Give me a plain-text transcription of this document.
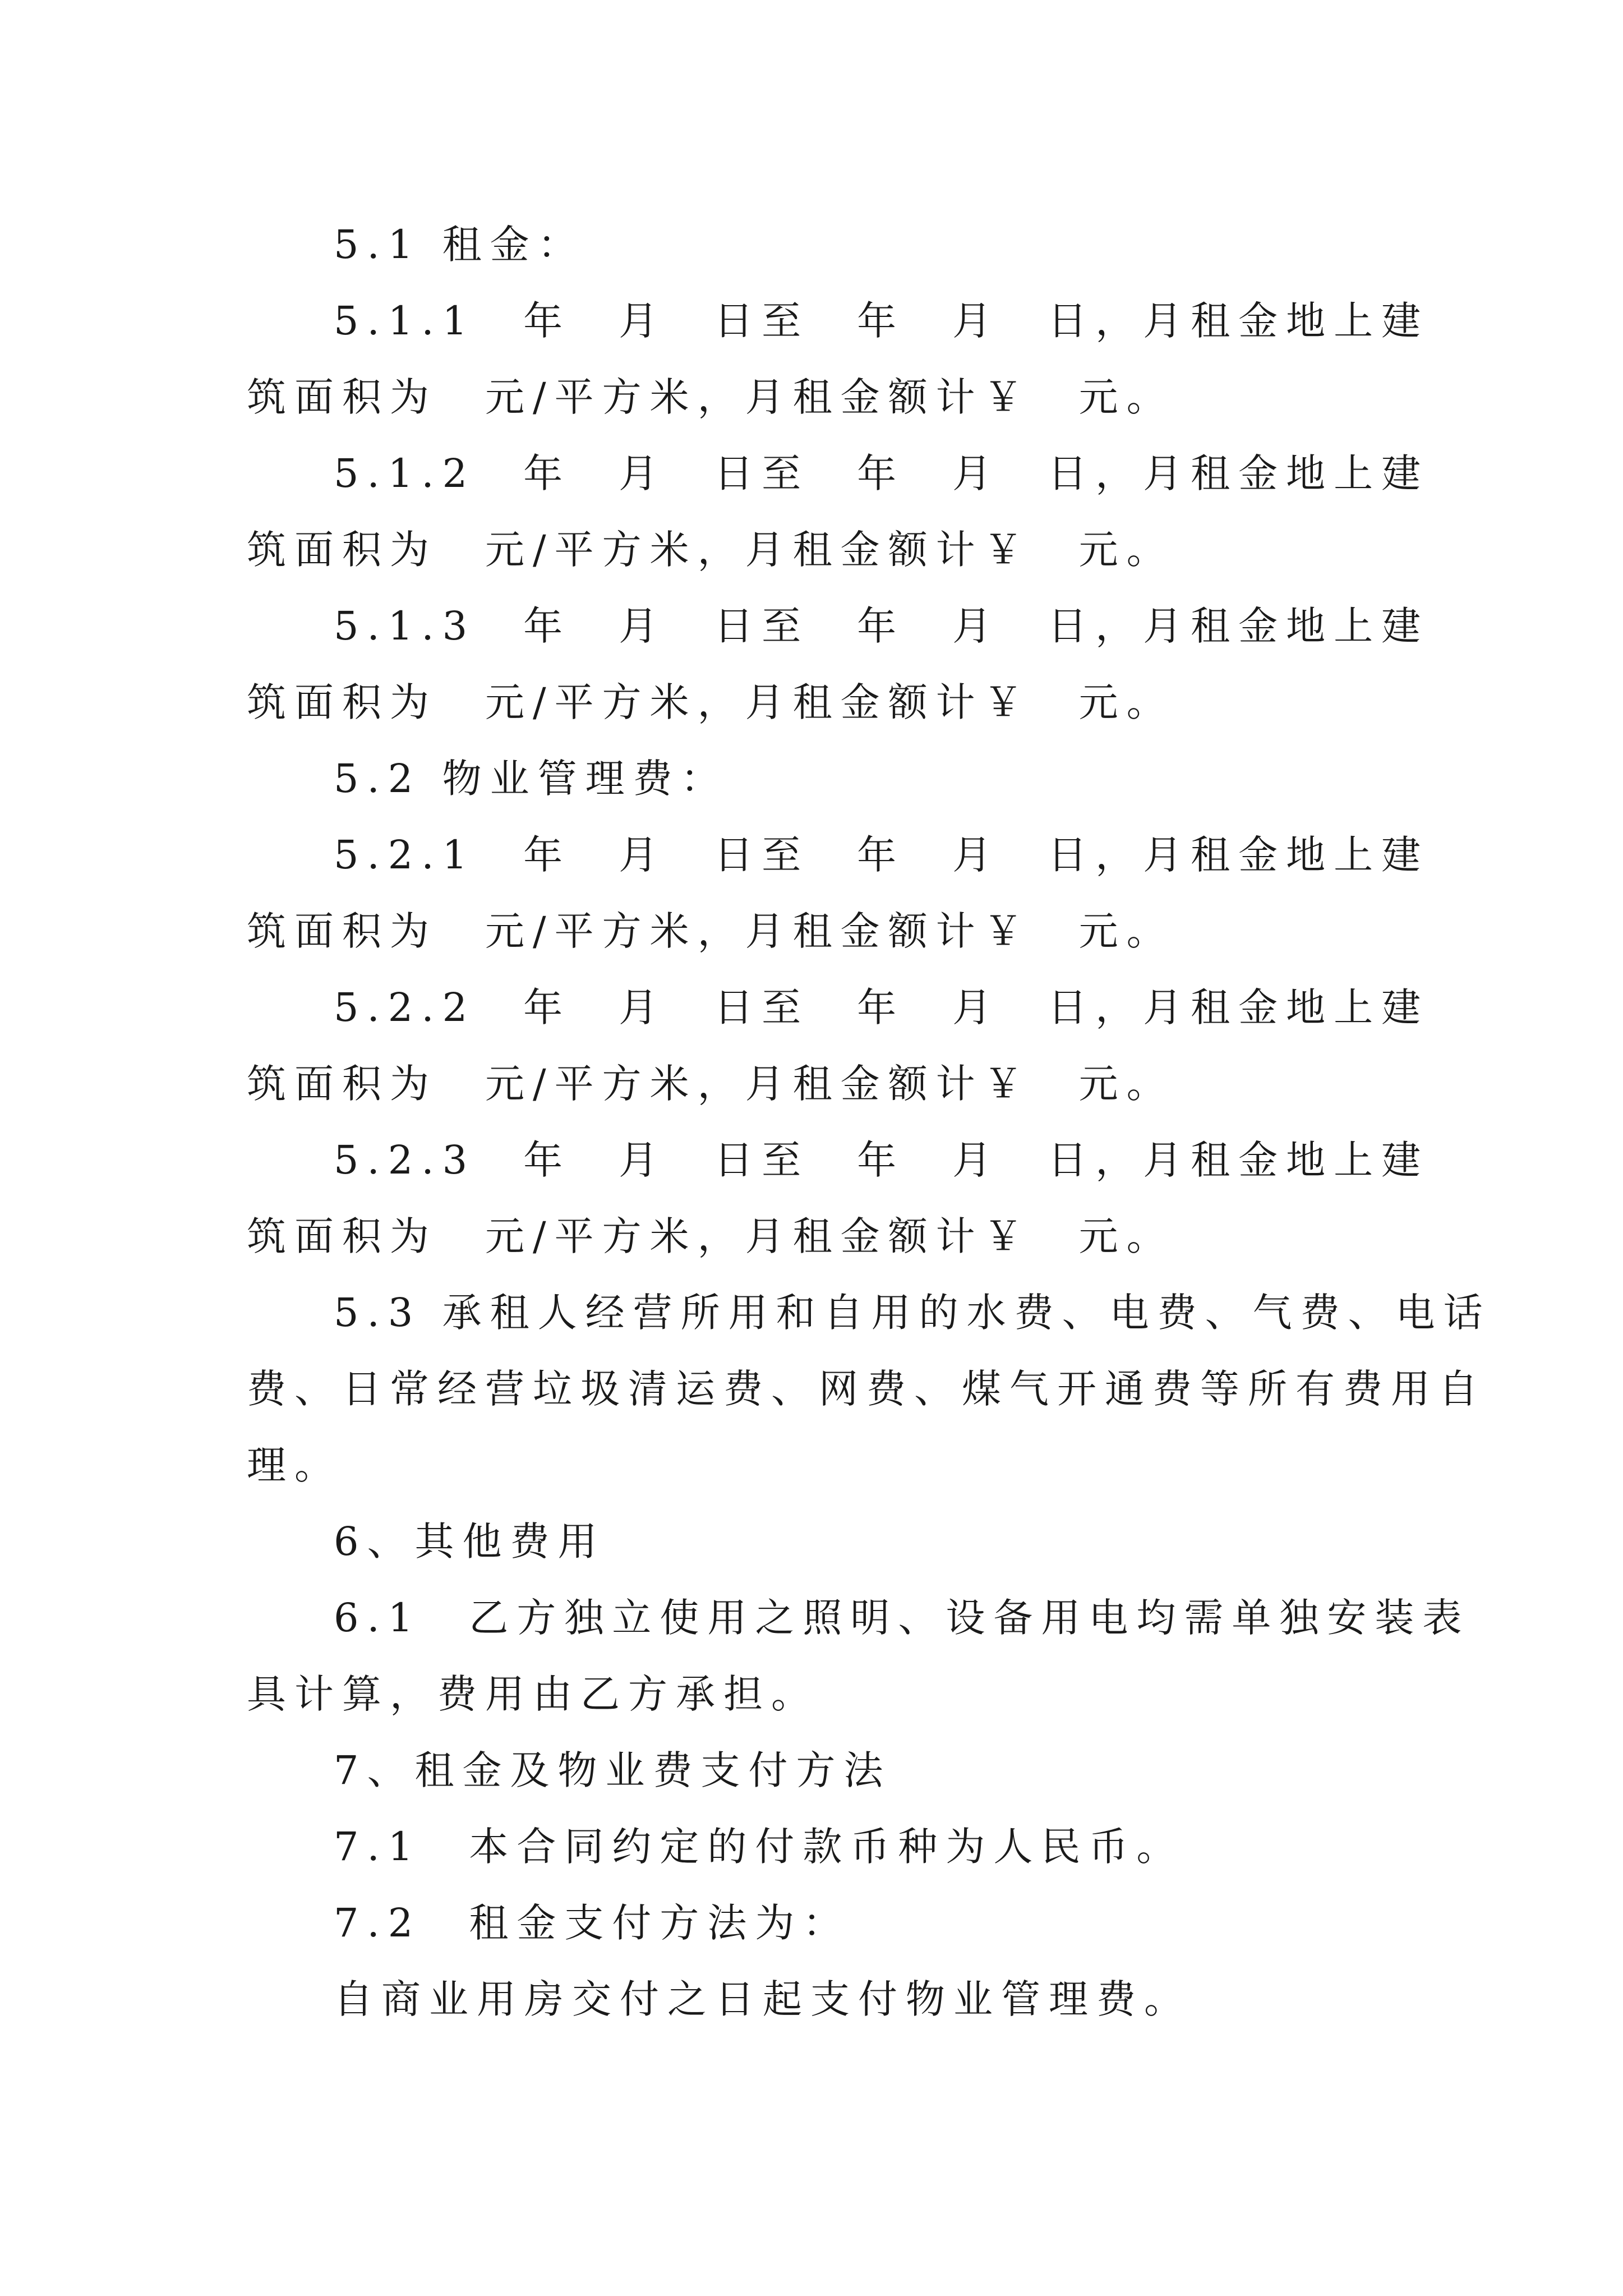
5.1 租金：
5.1.1　年　月　日至　年　月　日，月租金地上建
筑面积为　元/平方米，月租金额计￥　元。
5.1.2　年　月　日至　年　月　日，月租金地上建
筑面积为　元/平方米，月租金额计￥　元。
5.1.3　年　月　日至　年　月　日，月租金地上建
筑面积为　元/平方米，月租金额计￥　元。
5.2 物业管理费：
5.2.1　年　月　日至　年　月　日，月租金地上建
筑面积为　元/平方米，月租金额计￥　元。
5.2.2　年　月　日至　年　月　日，月租金地上建
筑面积为　元/平方米，月租金额计￥　元。
5.2.3　年　月　日至　年　月　日，月租金地上建
筑面积为　元/平方米，月租金额计￥　元。
5.3 承租人经营所用和自用的水费、电费、气费、电话
费、日常经营垃圾清运费、网费、煤气开通费等所有费用自
理。
6、其他费用
6.1　乙方独立使用之照明、设备用电均需单独安装表
具计算，费用由乙方承担。
7、租金及物业费支付方法
7.1　本合同约定的付款币种为人民币。
7.2　租金支付方法为：
自商业用房交付之日起支付物业管理费。
